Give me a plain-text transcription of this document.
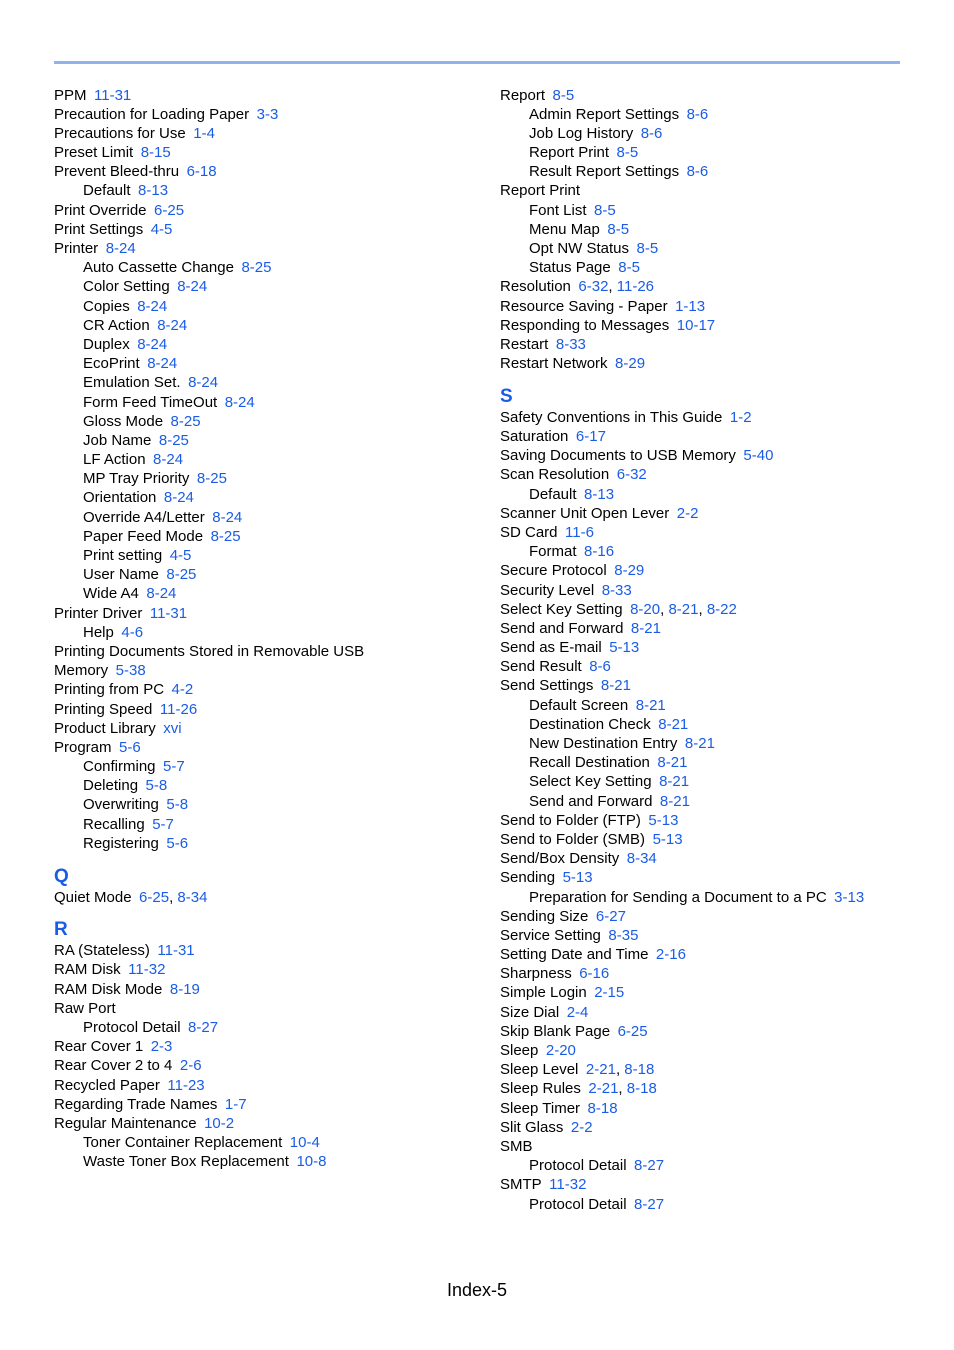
PPM  11-31
Precaution for Loading Paper  3-3
Precautions for Use  1-4
Preset Limit  8-15
Prevent Bleed-thru  6-18
Default  8-13
Print Override  6-25
Print Settings  4-5
Printer  8-24
Auto Cassette Change  8-25
Color Setting  8-24
Copies  8-24
CR Action  8-24
Duplex  8-24
EcoPrint  8-24
Emulation Set.  8-24
Form Feed TimeOut  8-24
Gloss Mode  8-25
Job Name  8-25
LF Action  8-24
MP Tray Priority  8-25
Orientation  8-24
Override A4/Letter  8-24
Paper Feed Mode  8-25
Print setting  4-5
User Name  8-25
Wide A4  8-24
Printer Driver  11-31
Help  4-6
Printing Documents Stored in Removable USB
Memory  5-38
Printing from PC  4-2
Printing Speed  11-26
Product Library  xvi
Program  5-6
Confirming  5-7
Deleting  5-8
Overwriting  5-8
Recalling  5-7
Registering  5-6
Q
Quiet Mode  6-25, 8-34
R
RA (Stateless)  11-31
RAM Disk  11-32
RAM Disk Mode  8-19
Raw Port
Protocol Detail  8-27
Rear Cover 1  2-3
Rear Cover 2 to 4  2-6
Recycled Paper  11-23
Regarding Trade Names  1-7
Regular Maintenance  10-2
Toner Container Replacement  10-4
Waste Toner Box Replacement  10-8
Report  8-5
Admin Report Settings  8-6
Job Log History  8-6
Report Print  8-5
Result Report Settings  8-6
Report Print
Font List  8-5
Menu Map  8-5
Opt NW Status  8-5
Status Page  8-5
Resolution  6-32, 11-26
Resource Saving - Paper  1-13
Responding to Messages  10-17
Restart  8-33
Restart Network  8-29
S
Safety Conventions in This Guide  1-2
Saturation  6-17
Saving Documents to USB Memory  5-40
Scan Resolution  6-32
Default  8-13
Scanner Unit Open Lever  2-2
SD Card  11-6
Format  8-16
Secure Protocol  8-29
Security Level  8-33
Select Key Setting  8-20, 8-21, 8-22
Send and Forward  8-21
Send as E-mail  5-13
Send Result  8-6
Send Settings  8-21
Default Screen  8-21
Destination Check  8-21
New Destination Entry  8-21
Recall Destination  8-21
Select Key Setting  8-21
Send and Forward  8-21
Send to Folder (FTP)  5-13
Send to Folder (SMB)  5-13
Send/Box Density  8-34
Sending  5-13
Preparation for Sending a Document to a PC  3-13
Sending Size  6-27
Service Setting  8-35
Setting Date and Time  2-16
Sharpness  6-16
Simple Login  2-15
Size Dial  2-4
Skip Blank Page  6-25
Sleep  2-20
Sleep Level  2-21, 8-18
Sleep Rules  2-21, 8-18
Sleep Timer  8-18
Slit Glass  2-2
SMB
Protocol Detail  8-27
SMTP  11-32
Protocol Detail  8-27
Index-5
